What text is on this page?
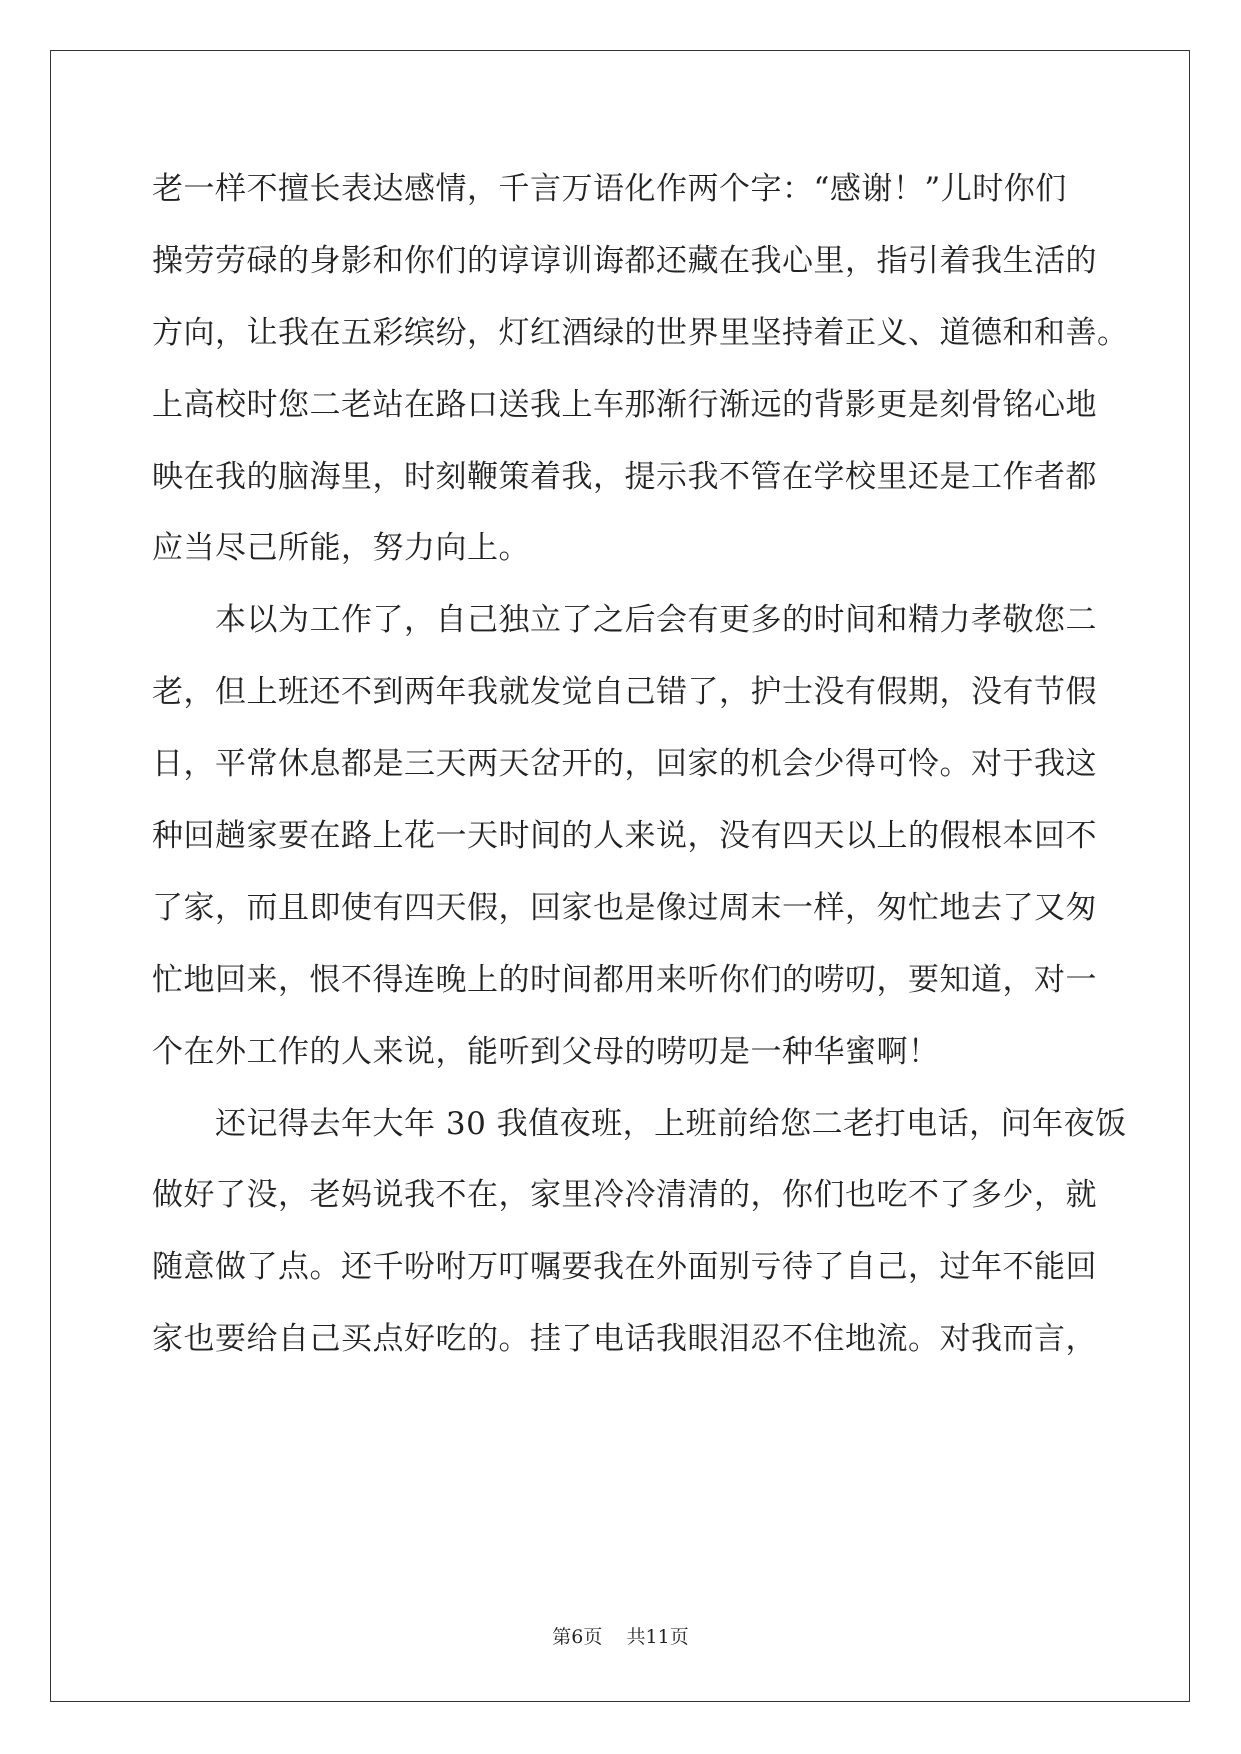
老一样不擅长表达感情，千言万语化作两个字：“感谢！”儿时你们
操劳劳碌的身影和你们的谆谆训诲都还藏在我心里，指引着我生活的
方向，让我在五彩缤纷，灯红酒绿的世界里坚持着正义、道德和和善。
上高校时您二老站在路口送我上车那渐行渐远的背影更是刻骨铭心地
映在我的脑海里，时刻鞭策着我，提示我不管在学校里还是工作者都
应当尽己所能，努力向上。
　　本以为工作了，自己独立了之后会有更多的时间和精力孝敬您二
老，但上班还不到两年我就发觉自己错了，护士没有假期，没有节假
日，平常休息都是三天两天岔开的，回家的机会少得可怜。对于我这
种回趟家要在路上花一天时间的人来说，没有四天以上的假根本回不
了家，而且即使有四天假，回家也是像过周末一样，匆忙地去了又匆
忙地回来，恨不得连晚上的时间都用来听你们的唠叨，要知道，对一
个在外工作的人来说，能听到父母的唠叨是一种华蜜啊！
　　还记得去年大年 30 我值夜班，上班前给您二老打电话，问年夜饭
做好了没，老妈说我不在，家里冷冷清清的，你们也吃不了多少，就
随意做了点。还千吩咐万叮嘱要我在外面别亏待了自己，过年不能回
家也要给自己买点好吃的。挂了电话我眼泪忍不住地流。对我而言，
第6页 共11页
